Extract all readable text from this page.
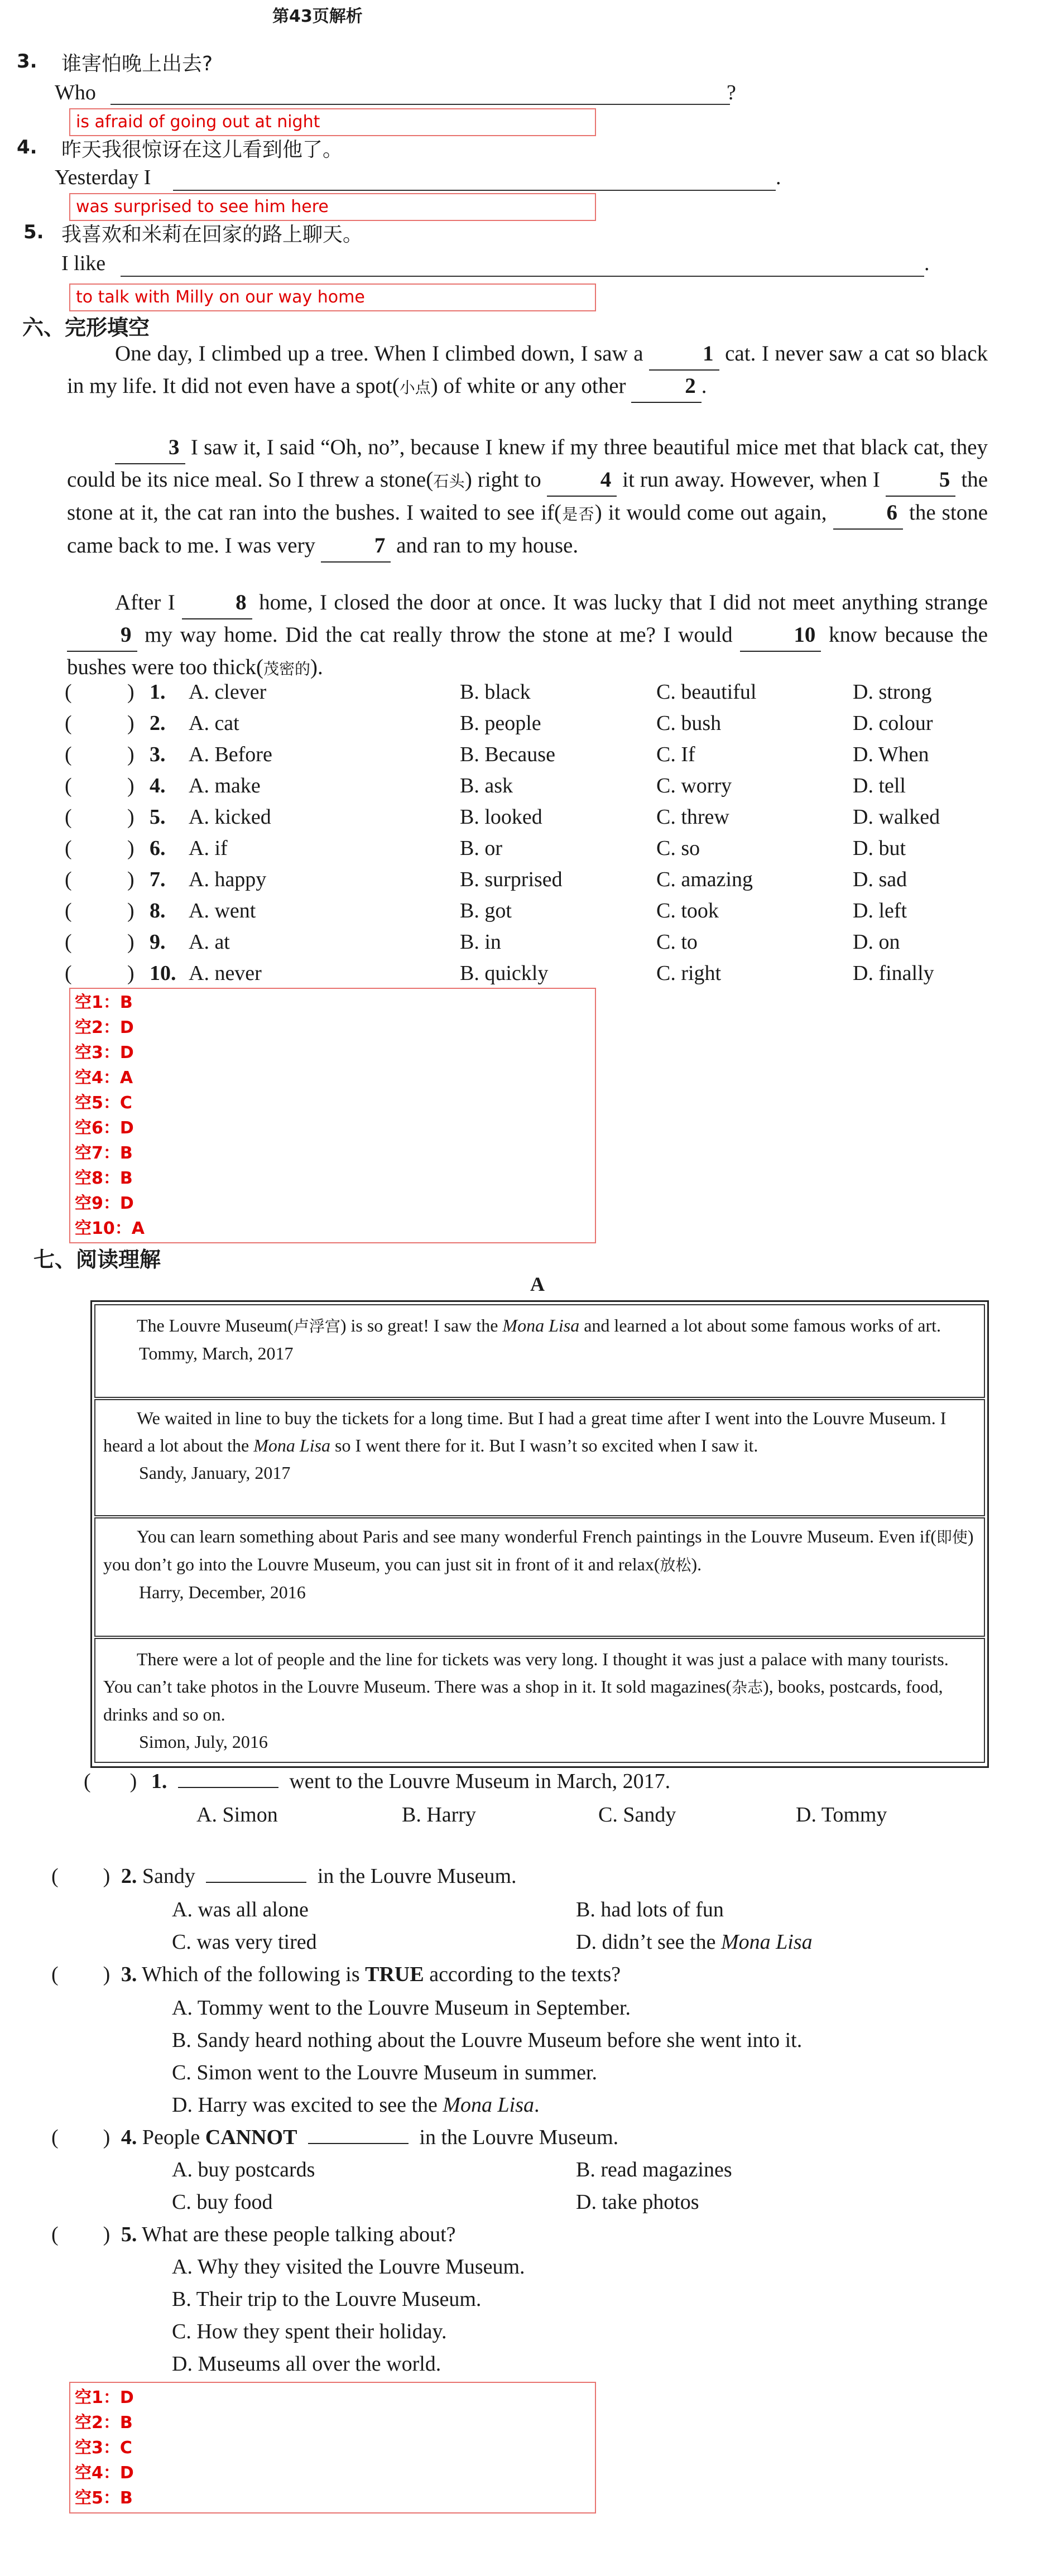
第43页解析
3. 谁害怕晚上出去?
Who	?
is afraid of going out at night
4. 昨天我很惊讶在这儿看到他了。
Yesterday I	.
was surprised to see him here
5. 我喜欢和米莉在回家的路上聊天。
I like	.
to talk with Milly on our way home
六、完形填空
One day, I climbed up a tree. When I climbed down, I saw a	1 cat. I never saw a cat so black in my life. It did not even have a spot(小点) of white or any other	2 .
3 I saw it, I said “Oh, no”, because I knew if my three beautiful mice met that black cat, they could be its nice meal. So I threw a stone(石头) right to	4 it run away. However, when I	5 the stone at it, the cat ran into the bushes. I waited to see if(是否) it would come out again,	6 the stone came back to me. I was very	7 and ran to my house.
After I	8 home, I closed the door at once. It was lucky that I did not meet anything strange 9 my way home. Did the cat really throw the stone at me? I would	10 know because the bushes were too thick(茂密的).
(	) 1. A. clever	B. black	C. beautiful	D. strong
(	) 2. A. cat	B. people	C. bush	D. colour
(	) 3. A. Before	B. Because	C. If	D. When
(	) 4. A. make	B. ask	C. worry	D. tell
(	) 5. A. kicked	B. looked	C. threw	D. walked
(	) 6. A. if	B. or	C. so	D. but
(	) 7. A. happy	B. surprised	C. amazing	D. sad
(	) 8. A. went	B. got	C. took	D. left
(	) 9. A. at	B. in	C. to	D. on
(	) 10. A. never	B. quickly	C. right	D. finally
空1：B
空2：D
空3：D
空4：A
空5：C
空6：D
空7：B
空8：B
空9：D
空10：A
七、阅读理解
A
The Louvre Museum(卢浮宫) is so great! I saw the Mona Lisa and learned a lot about some famous works of art.
Tommy, March, 2017
We waited in line to buy the tickets for a long time. But I had a great time after I went into the Louvre Museum. I heard a lot about the Mona Lisa so I went there for it. But I wasn’t so excited when I saw it.
Sandy, January, 2017
You can learn something about Paris and see many wonderful French paintings in the Louvre Museum. Even if(即使) you don’t go into the Louvre Museum, you can just sit in front of it and relax(放松).
Harry, December, 2016
There were a lot of people and the line for tickets was very long. I thought it was just a palace with many tourists. You can’t take photos in the Louvre Museum. There was a shop in it. It sold magazines(杂志), books, postcards, food, drinks and so on.
Simon, July, 2016
( ) 1.	went to the Louvre Museum in March, 2017.
A. Simon	B. Harry	C. Sandy	D. Tommy
( ) 2. Sandy	in the Louvre Museum.
A. was all alone	B. had lots of fun
C. was very tired	D. didn’t see the Mona Lisa
( ) 3. Which of the following is TRUE according to the texts?
A. Tommy went to the Louvre Museum in September.
B. Sandy heard nothing about the Louvre Museum before she went into it.
C. Simon went to the Louvre Museum in summer.
D. Harry was excited to see the Mona Lisa.
( ) 4. People CANNOT	in the Louvre Museum.
A. buy postcards	B. read magazines
C. buy food	D. take photos
( ) 5. What are these people talking about?
A. Why they visited the Louvre Museum.
B. Their trip to the Louvre Museum.
C. How they spent their holiday.
D. Museums all over the world.
空1：D
空2：B
空3：C
空4：D
空5：B
